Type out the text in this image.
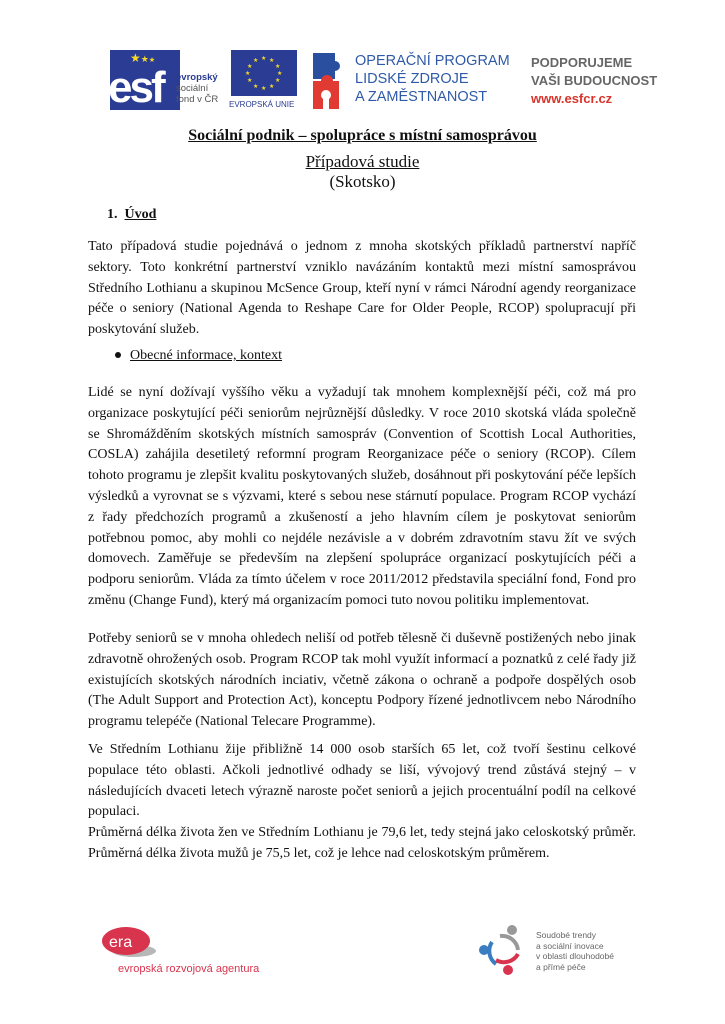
★★★
esf evropský
sociální
fond v ČR
★ ★
★
★
★
★
★
★
★
★
★
★
EVROPSKÁ UNIE
OPERAČNÍ PROGRAM
LIDSKÉ ZDROJE
A ZAMĚSTNANOST
PODPORUJEME
VAŠI BUDOUCNOST
www.esfcr.cz
Sociální podnik – spolupráce s místní samosprávou
Případová studie
(Skotsko)
1. Úvod
Tato případová studie pojednává o jednom z mnoha skotských příkladů partnerství napříč sektory. Toto konkrétní partnerství vzniklo navázáním kontaktů mezi místní samosprávou Středního Lothianu a skupinou McSence Group, kteří nyní v rámci Národní agendy reorganizace péče o seniory (National Agenda to Reshape Care for Older People, RCOP) spolupracují při poskytování služeb.
Obecné informace, kontext
Lidé se nyní dožívají vyššího věku a vyžadují tak mnohem komplexnější péči, což má pro organizace poskytující péči seniorům nejrůznější důsledky. V roce 2010 skotská vláda společně se Shromážděním skotských místních samospráv (Convention of Scottish Local Authorities, COSLA) zahájila desetiletý reformní program Reorganizace péče o seniory (RCOP). Cílem tohoto programu je zlepšit kvalitu poskytovaných služeb, dosáhnout při poskytování péče lepších výsledků a vyrovnat se s výzvami, které s sebou nese stárnutí populace. Program RCOP vychází z řady předchozích programů a zkušeností a jeho hlavním cílem je poskytovat seniorům potřebnou pomoc, aby mohli co nejdéle nezávisle a v dobrém zdravotním stavu žít ve svých domovech. Zaměřuje se především na zlepšení spolupráce organizací poskytujících péči a podporu seniorům. Vláda za tímto účelem v roce 2011/2012 představila speciální fond, Fond pro změnu (Change Fund), který má organizacím pomoci tuto novou politiku implementovat.
Potřeby seniorů se v mnoha ohledech neliší od potřeb tělesně či duševně postižených nebo jinak zdravotně ohrožených osob. Program RCOP tak mohl využít informací a poznatků z celé řady již existujících skotských národních inciativ, včetně zákona o ochraně a podpoře dospělých osob (The Adult Support and Protection Act), konceptu Podpory řízené jednotlivcem nebo Národního programu telepéče (National Telecare Programme).
Ve Středním Lothianu žije přibližně 14 000 osob starších 65 let, což tvoří šestinu celkové populace této oblasti. Ačkoli jednotlivé odhady se liší, vývojový trend zůstává stejný – v následujících dvaceti letech výrazně naroste počet seniorů a jejich procentuální podíl na celkové populaci.
Průměrná délka života žen ve Středním Lothianu je 79,6 let, tedy stejná jako celoskotský průměr. Průměrná délka života mužů je 75,5 let, což je lehce nad celoskotským průměrem.
era
evropská rozvojová agentura
Soudobé trendy
a sociální inovace
v oblasti dlouhodobé
a přímé péče
